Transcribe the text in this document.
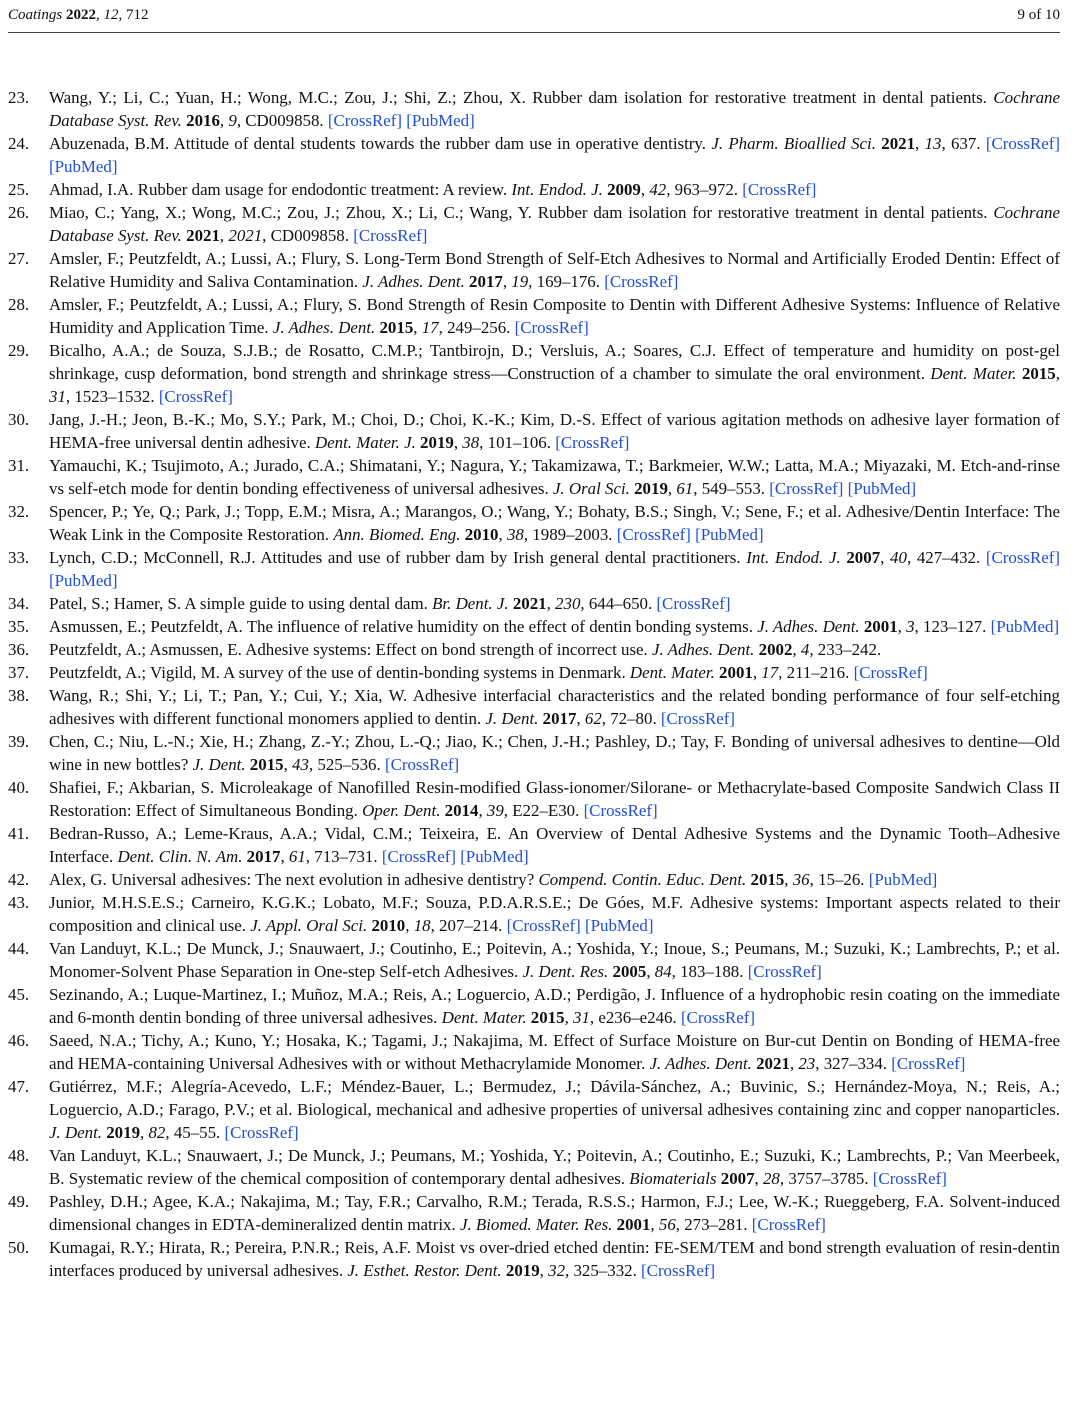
Coatings 2022, 12, 712	9 of 10
23.	Wang, Y.; Li, C.; Yuan, H.; Wong, M.C.; Zou, J.; Shi, Z.; Zhou, X. Rubber dam isolation for restorative treatment in dental patients. Cochrane Database Syst. Rev. 2016, 9, CD009858. [CrossRef] [PubMed]
24.	Abuzenada, B.M. Attitude of dental students towards the rubber dam use in operative dentistry. J. Pharm. Bioallied Sci. 2021, 13, 637. [CrossRef] [PubMed]
25.	Ahmad, I.A. Rubber dam usage for endodontic treatment: A review. Int. Endod. J. 2009, 42, 963–972. [CrossRef]
26.	Miao, C.; Yang, X.; Wong, M.C.; Zou, J.; Zhou, X.; Li, C.; Wang, Y. Rubber dam isolation for restorative treatment in dental patients. Cochrane Database Syst. Rev. 2021, 2021, CD009858. [CrossRef]
27.	Amsler, F.; Peutzfeldt, A.; Lussi, A.; Flury, S. Long-Term Bond Strength of Self-Etch Adhesives to Normal and Artificially Eroded Dentin: Effect of Relative Humidity and Saliva Contamination. J. Adhes. Dent. 2017, 19, 169–176. [CrossRef]
28.	Amsler, F.; Peutzfeldt, A.; Lussi, A.; Flury, S. Bond Strength of Resin Composite to Dentin with Different Adhesive Systems: Influence of Relative Humidity and Application Time. J. Adhes. Dent. 2015, 17, 249–256. [CrossRef]
29.	Bicalho, A.A.; de Souza, S.J.B.; de Rosatto, C.M.P.; Tantbirojn, D.; Versluis, A.; Soares, C.J. Effect of temperature and humidity on post-gel shrinkage, cusp deformation, bond strength and shrinkage stress—Construction of a chamber to simulate the oral environment. Dent. Mater. 2015, 31, 1523–1532. [CrossRef]
30.	Jang, J.-H.; Jeon, B.-K.; Mo, S.Y.; Park, M.; Choi, D.; Choi, K.-K.; Kim, D.-S. Effect of various agitation methods on adhesive layer formation of HEMA-free universal dentin adhesive. Dent. Mater. J. 2019, 38, 101–106. [CrossRef]
31.	Yamauchi, K.; Tsujimoto, A.; Jurado, C.A.; Shimatani, Y.; Nagura, Y.; Takamizawa, T.; Barkmeier, W.W.; Latta, M.A.; Miyazaki, M. Etch-and-rinse vs self-etch mode for dentin bonding effectiveness of universal adhesives. J. Oral Sci. 2019, 61, 549–553. [CrossRef] [PubMed]
32.	Spencer, P.; Ye, Q.; Park, J.; Topp, E.M.; Misra, A.; Marangos, O.; Wang, Y.; Bohaty, B.S.; Singh, V.; Sene, F.; et al. Adhesive/Dentin Interface: The Weak Link in the Composite Restoration. Ann. Biomed. Eng. 2010, 38, 1989–2003. [CrossRef] [PubMed]
33.	Lynch, C.D.; McConnell, R.J. Attitudes and use of rubber dam by Irish general dental practitioners. Int. Endod. J. 2007, 40, 427–432. [CrossRef] [PubMed]
34.	Patel, S.; Hamer, S. A simple guide to using dental dam. Br. Dent. J. 2021, 230, 644–650. [CrossRef]
35.	Asmussen, E.; Peutzfeldt, A. The influence of relative humidity on the effect of dentin bonding systems. J. Adhes. Dent. 2001, 3, 123–127. [PubMed]
36.	Peutzfeldt, A.; Asmussen, E. Adhesive systems: Effect on bond strength of incorrect use. J. Adhes. Dent. 2002, 4, 233–242.
37.	Peutzfeldt, A.; Vigild, M. A survey of the use of dentin-bonding systems in Denmark. Dent. Mater. 2001, 17, 211–216. [CrossRef]
38.	Wang, R.; Shi, Y.; Li, T.; Pan, Y.; Cui, Y.; Xia, W. Adhesive interfacial characteristics and the related bonding performance of four self-etching adhesives with different functional monomers applied to dentin. J. Dent. 2017, 62, 72–80. [CrossRef]
39.	Chen, C.; Niu, L.-N.; Xie, H.; Zhang, Z.-Y.; Zhou, L.-Q.; Jiao, K.; Chen, J.-H.; Pashley, D.; Tay, F. Bonding of universal adhesives to dentine—Old wine in new bottles? J. Dent. 2015, 43, 525–536. [CrossRef]
40.	Shafiei, F.; Akbarian, S. Microleakage of Nanofilled Resin-modified Glass-ionomer/Silorane- or Methacrylate-based Composite Sandwich Class II Restoration: Effect of Simultaneous Bonding. Oper. Dent. 2014, 39, E22–E30. [CrossRef]
41.	Bedran-Russo, A.; Leme-Kraus, A.A.; Vidal, C.M.; Teixeira, E. An Overview of Dental Adhesive Systems and the Dynamic Tooth–Adhesive Interface. Dent. Clin. N. Am. 2017, 61, 713–731. [CrossRef] [PubMed]
42.	Alex, G. Universal adhesives: The next evolution in adhesive dentistry? Compend. Contin. Educ. Dent. 2015, 36, 15–26. [PubMed]
43.	Junior, M.H.S.E.S.; Carneiro, K.G.K.; Lobato, M.F.; Souza, P.D.A.R.S.E.; De Góes, M.F. Adhesive systems: Important aspects related to their composition and clinical use. J. Appl. Oral Sci. 2010, 18, 207–214. [CrossRef] [PubMed]
44.	Van Landuyt, K.L.; De Munck, J.; Snauwaert, J.; Coutinho, E.; Poitevin, A.; Yoshida, Y.; Inoue, S.; Peumans, M.; Suzuki, K.; Lambrechts, P.; et al. Monomer-Solvent Phase Separation in One-step Self-etch Adhesives. J. Dent. Res. 2005, 84, 183–188. [CrossRef]
45.	Sezinando, A.; Luque-Martinez, I.; Muñoz, M.A.; Reis, A.; Loguercio, A.D.; Perdigão, J. Influence of a hydrophobic resin coating on the immediate and 6-month dentin bonding of three universal adhesives. Dent. Mater. 2015, 31, e236–e246. [CrossRef]
46.	Saeed, N.A.; Tichy, A.; Kuno, Y.; Hosaka, K.; Tagami, J.; Nakajima, M. Effect of Surface Moisture on Bur-cut Dentin on Bonding of HEMA-free and HEMA-containing Universal Adhesives with or without Methacrylamide Monomer. J. Adhes. Dent. 2021, 23, 327–334. [CrossRef]
47.	Gutiérrez, M.F.; Alegría-Acevedo, L.F.; Méndez-Bauer, L.; Bermudez, J.; Dávila-Sánchez, A.; Buvinic, S.; Hernández-Moya, N.; Reis, A.; Loguercio, A.D.; Farago, P.V.; et al. Biological, mechanical and adhesive properties of universal adhesives containing zinc and copper nanoparticles. J. Dent. 2019, 82, 45–55. [CrossRef]
48.	Van Landuyt, K.L.; Snauwaert, J.; De Munck, J.; Peumans, M.; Yoshida, Y.; Poitevin, A.; Coutinho, E.; Suzuki, K.; Lambrechts, P.; Van Meerbeek, B. Systematic review of the chemical composition of contemporary dental adhesives. Biomaterials 2007, 28, 3757–3785. [CrossRef]
49.	Pashley, D.H.; Agee, K.A.; Nakajima, M.; Tay, F.R.; Carvalho, R.M.; Terada, R.S.S.; Harmon, F.J.; Lee, W.-K.; Rueggeberg, F.A. Solvent-induced dimensional changes in EDTA-demineralized dentin matrix. J. Biomed. Mater. Res. 2001, 56, 273–281. [CrossRef]
50.	Kumagai, R.Y.; Hirata, R.; Pereira, P.N.R.; Reis, A.F. Moist vs over-dried etched dentin: FE-SEM/TEM and bond strength evaluation of resin-dentin interfaces produced by universal adhesives. J. Esthet. Restor. Dent. 2019, 32, 325–332. [CrossRef]
